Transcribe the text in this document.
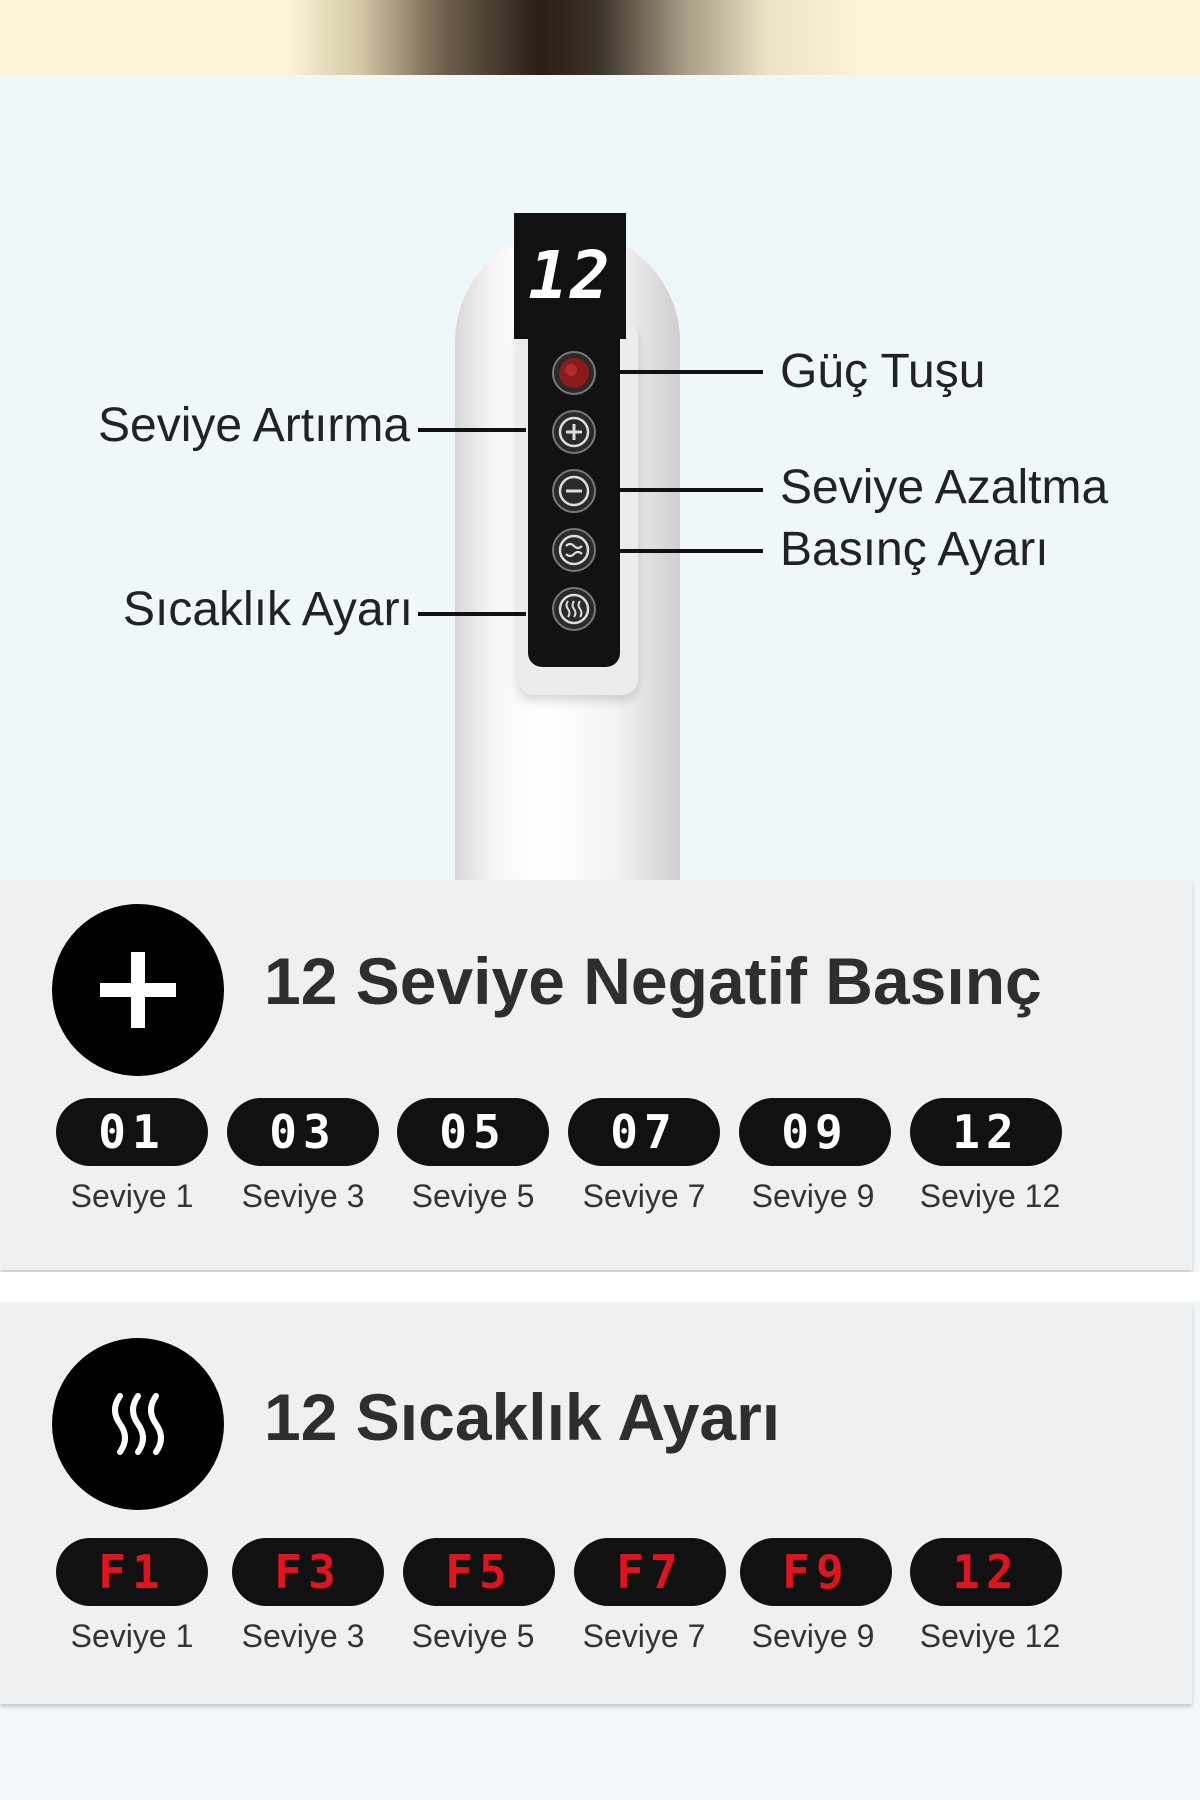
12
Güç Tuşu
Seviye Artırma
Seviye Azaltma
Basınç Ayarı
Sıcaklık Ayarı
12 Seviye Negatif Basınç
01	03	05	07	09	12
Seviye 1	Seviye 3	Seviye 5	Seviye 7	Seviye 9	Seviye 12
12 Sıcaklık Ayarı
F1	F3	F5	F7	F9	12
Seviye 1	Seviye 3	Seviye 5	Seviye 7	Seviye 9	Seviye 12
